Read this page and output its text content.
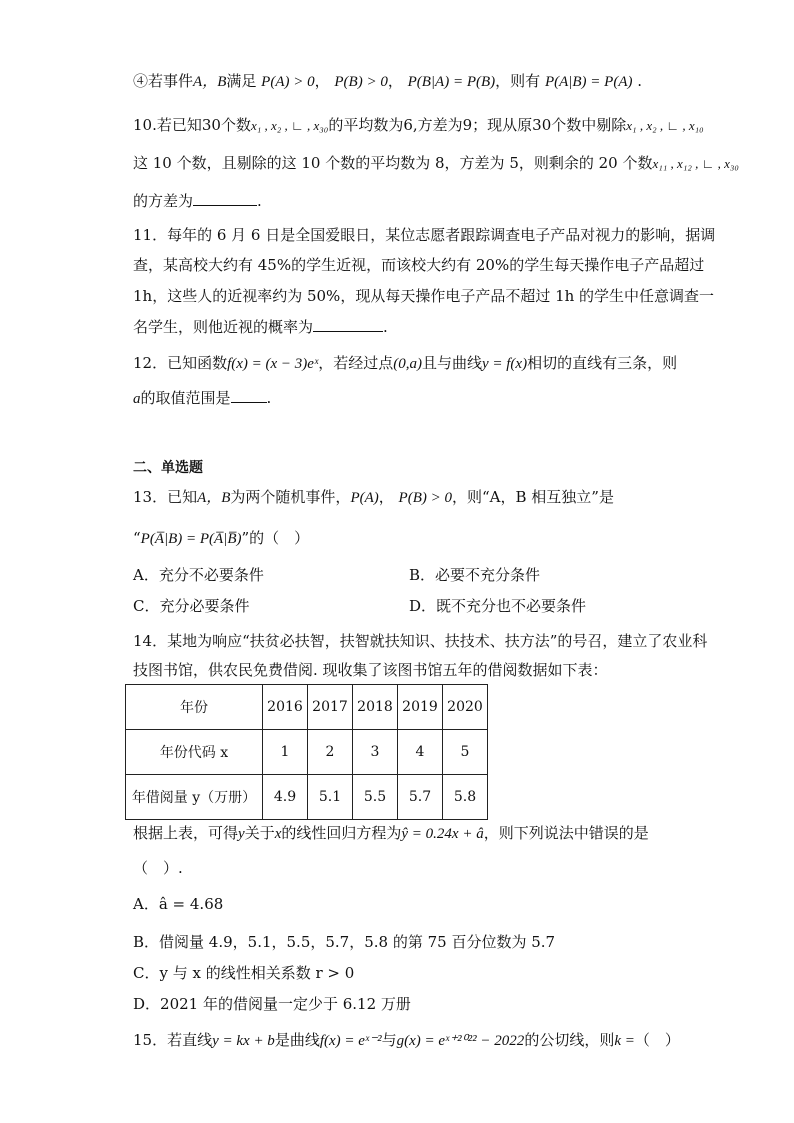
④若事件A，B满足 P(A) > 0， P(B) > 0， P(B|A) = P(B)，则有 P(A|B) = P(A) .
10.若已知30个数x₁ , x₂ , ∟ , x₃₀的平均数为6,方差为9；现从原30个数中剔除x₁ , x₂ , ∟ , x₁₀
这 10 个数，且剔除的这 10 个数的平均数为 8，方差为 5，则剩余的 20 个数x₁₁ , x₁₂ , ∟ , x₃₀
的方差为	.
11．每年的 6 月 6 日是全国爱眼日，某位志愿者跟踪调查电子产品对视力的影响，据调
查，某高校大约有 45%的学生近视，而该校大约有 20%的学生每天操作电子产品超过
1h，这些人的近视率约为 50%，现从每天操作电子产品不超过 1h 的学生中任意调查一
名学生，则他近视的概率为	.
12．已知函数f(x) = (x − 3)eˣ，若经过点(0,a)且与曲线y = f(x)相切的直线有三条，则
a的取值范围是 .
二、单选题
13．已知A，B为两个随机事件，P(A)， P(B) > 0，则“A，B 相互独立”是
“P(A̅|B) = P(A̅|B̅)”的（　）
A．充分不必要条件	B．必要不充分条件
C．充分必要条件	D．既不充分也不必要条件
14．某地为响应“扶贫必扶智，扶智就扶知识、扶技术、扶方法”的号召，建立了农业科
技图书馆，供农民免费借阅. 现收集了该图书馆五年的借阅数据如下表：
年份	2016	2017	2018	2019	2020
年份代码 x	1	2	3	4	5
年借阅量 y（万册）	4.9	5.1	5.5	5.7	5.8
根据上表，可得y关于x的线性回归方程为ŷ = 0.24x + â，则下列说法中错误的是
（　）.
A．â = 4.68
B．借阅量 4.9，5.1，5.5，5.7，5.8 的第 75 百分位数为 5.7
C．y 与 x 的线性相关系数 r > 0
D．2021 年的借阅量一定少于 6.12 万册
15．若直线y = kx + b是曲线f(x) = eˣ⁻²与g(x) = eˣ⁺²⁰²² − 2022的公切线，则k =（　）
